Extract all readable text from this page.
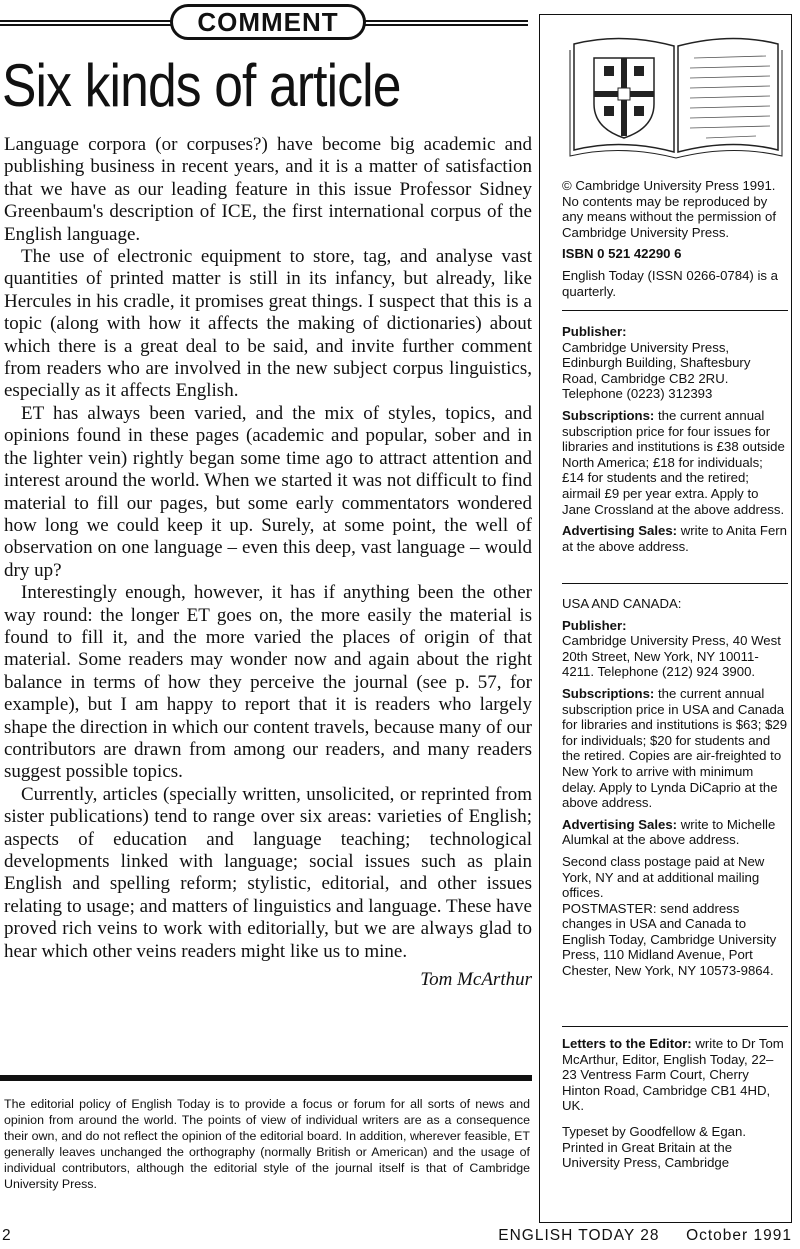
COMMENT
Six kinds of article

Language corpora (or corpuses?) have become big academic and publishing business in recent years, and it is a matter of satisfaction that we have as our leading feature in this issue Professor Sidney Greenbaum's description of ICE, the first international corpus of the English language.

The use of electronic equipment to store, tag, and analyse vast quantities of printed matter is still in its infancy, but already, like Hercules in his cradle, it promises great things. I suspect that this is a topic (along with how it affects the making of dictionaries) about which there is a great deal to be said, and invite further comment from readers who are involved in the new subject corpus linguistics, especially as it affects English.

ET has always been varied, and the mix of styles, topics, and opinions found in these pages (academic and popular, sober and in the lighter vein) rightly began some time ago to attract attention and interest around the world. When we started it was not difficult to find material to fill our pages, but some early commentators wondered how long we could keep it up. Surely, at some point, the well of observation on one language – even this deep, vast language – would dry up?

Interestingly enough, however, it has if anything been the other way round: the longer ET goes on, the more easily the material is found to fill it, and the more varied the places of origin of that material. Some readers may wonder now and again about the right balance in terms of how they perceive the journal (see p. 57, for example), but I am happy to report that it is readers who largely shape the direction in which our content travels, because many of our contributors are drawn from among our readers, and many readers suggest possible topics.

Currently, articles (specially written, unsolicited, or reprinted from sister publications) tend to range over six areas: varieties of English; aspects of education and language teaching; technological developments linked with language; social issues such as plain English and spelling reform; stylistic, editorial, and other issues relating to usage; and matters of linguistics and language. These have proved rich veins to work with editorially, but we are always glad to hear which other veins readers might like us to mine.

Tom McArthur
The editorial policy of English Today is to provide a focus or forum for all sorts of news and opinion from around the world. The points of view of individual writers are as a consequence their own, and do not reflect the opinion of the editorial board. In addition, wherever feasible, ET generally leaves unchanged the orthography (normally British or American) and the usage of individual contributors, although the editorial style of the journal itself is that of Cambridge University Press.

© Cambridge University Press 1991. No contents may be reproduced by any means without the permission of Cambridge University Press.

ISBN 0 521 42290 6

English Today (ISSN 0266-0784) is a quarterly.

Publisher:
Cambridge University Press, Edinburgh Building, Shaftesbury Road, Cambridge CB2 2RU. Telephone (0223) 312393

Subscriptions: the current annual subscription price for four issues for libraries and institutions is £38 outside North America; £18 for individuals; £14 for students and the retired; airmail £9 per year extra. Apply to Jane Crossland at the above address.

Advertising Sales: write to Anita Fern at the above address.

USA AND CANADA:

Publisher:
Cambridge University Press, 40 West 20th Street, New York, NY 10011-4211. Telephone (212) 924 3900.

Subscriptions: the current annual subscription price in USA and Canada for libraries and institutions is $63; $29 for individuals; $20 for students and the retired. Copies are air-freighted to New York to arrive with minimum delay. Apply to Lynda DiCaprio at the above address.

Advertising Sales: write to Michelle Alumkal at the above address.

Second class postage paid at New York, NY and at additional mailing offices.

POSTMASTER: send address changes in USA and Canada to English Today, Cambridge University Press, 110 Midland Avenue, Port Chester, New York, NY 10573-9864.

Letters to the Editor: write to Dr Tom McArthur, Editor, English Today, 22–23 Ventress Farm Court, Cherry Hinton Road, Cambridge CB1 4HD, UK.

Typeset by Goodfellow & Egan. Printed in Great Britain at the University Press, Cambridge

2	ENGLISH TODAY 28     October 1991
